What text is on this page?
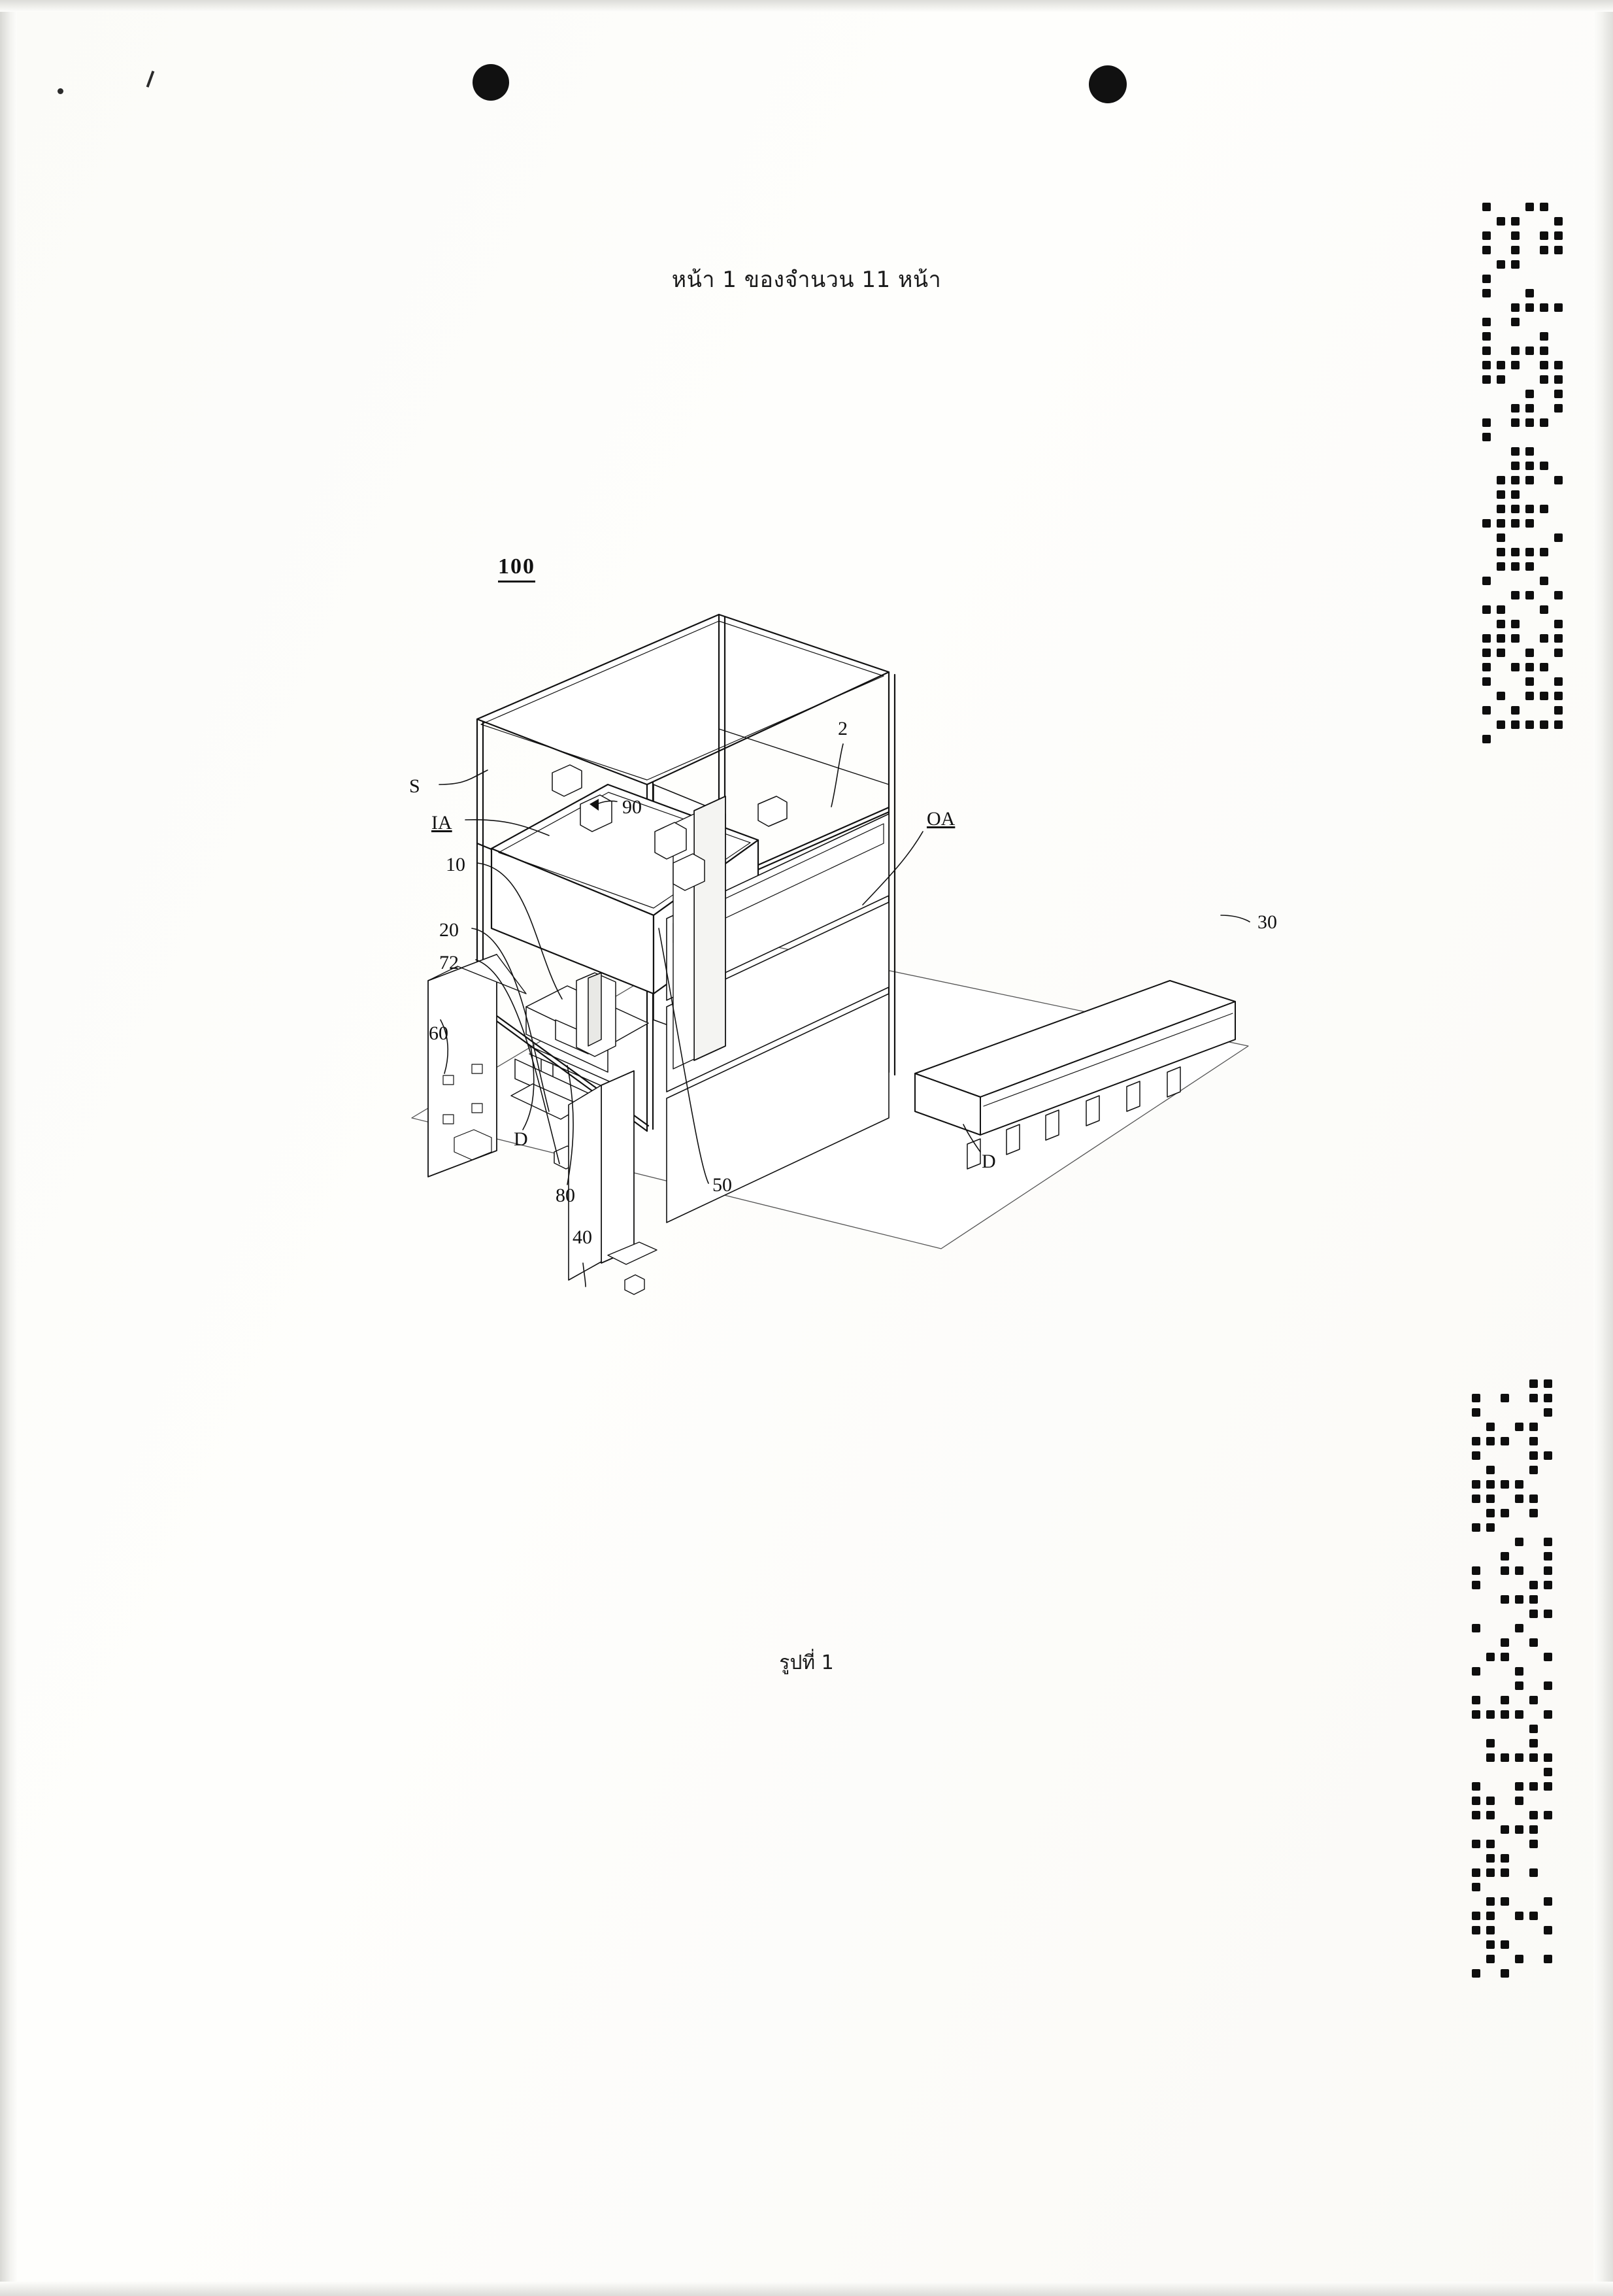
หน้า 1 ของจำนวน 11 หน้า
100
S
IA
10
20
72
60
D
80
40
50
90
2
OA
30
D
รูปที่ 1
